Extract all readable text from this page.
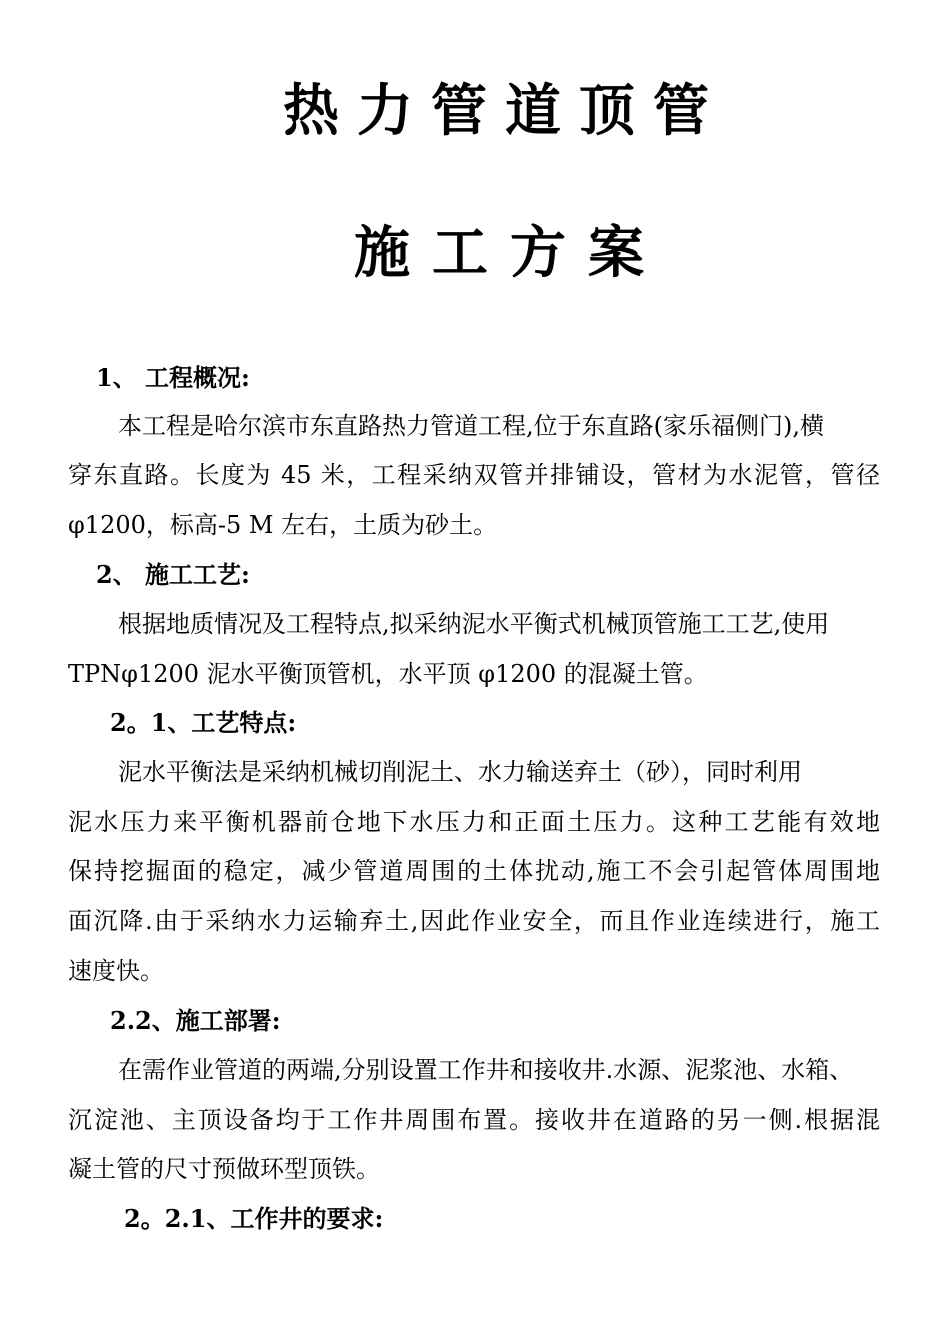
热力管道顶管
施工方案
1、 工程概况:
本工程是哈尔滨市东直路热力管道工程,位于东直路(家乐福侧门),横
穿东直路。长度为 45 米，工程采纳双管并排铺设，管材为水泥管，管径
φ1200，标高-5 M 左右，土质为砂土。
2、 施工工艺:
根据地质情况及工程特点,拟采纳泥水平衡式机械顶管施工工艺,使用
TPNφ1200 泥水平衡顶管机，水平顶 φ1200 的混凝土管。
2。1、工艺特点:
泥水平衡法是采纳机械切削泥土、水力输送弃土（砂），同时利用
泥水压力来平衡机器前仓地下水压力和正面土压力。这种工艺能有效地
保持挖掘面的稳定，减少管道周围的土体扰动,施工不会引起管体周围地
面沉降.由于采纳水力运输弃土,因此作业安全，而且作业连续进行，施工
速度快。
2.2、施工部署:
在需作业管道的两端,分别设置工作井和接收井.水源、泥浆池、水箱、
沉淀池、主顶设备均于工作井周围布置。接收井在道路的另一侧.根据混
凝土管的尺寸预做环型顶铁。
2。2.1、工作井的要求:
